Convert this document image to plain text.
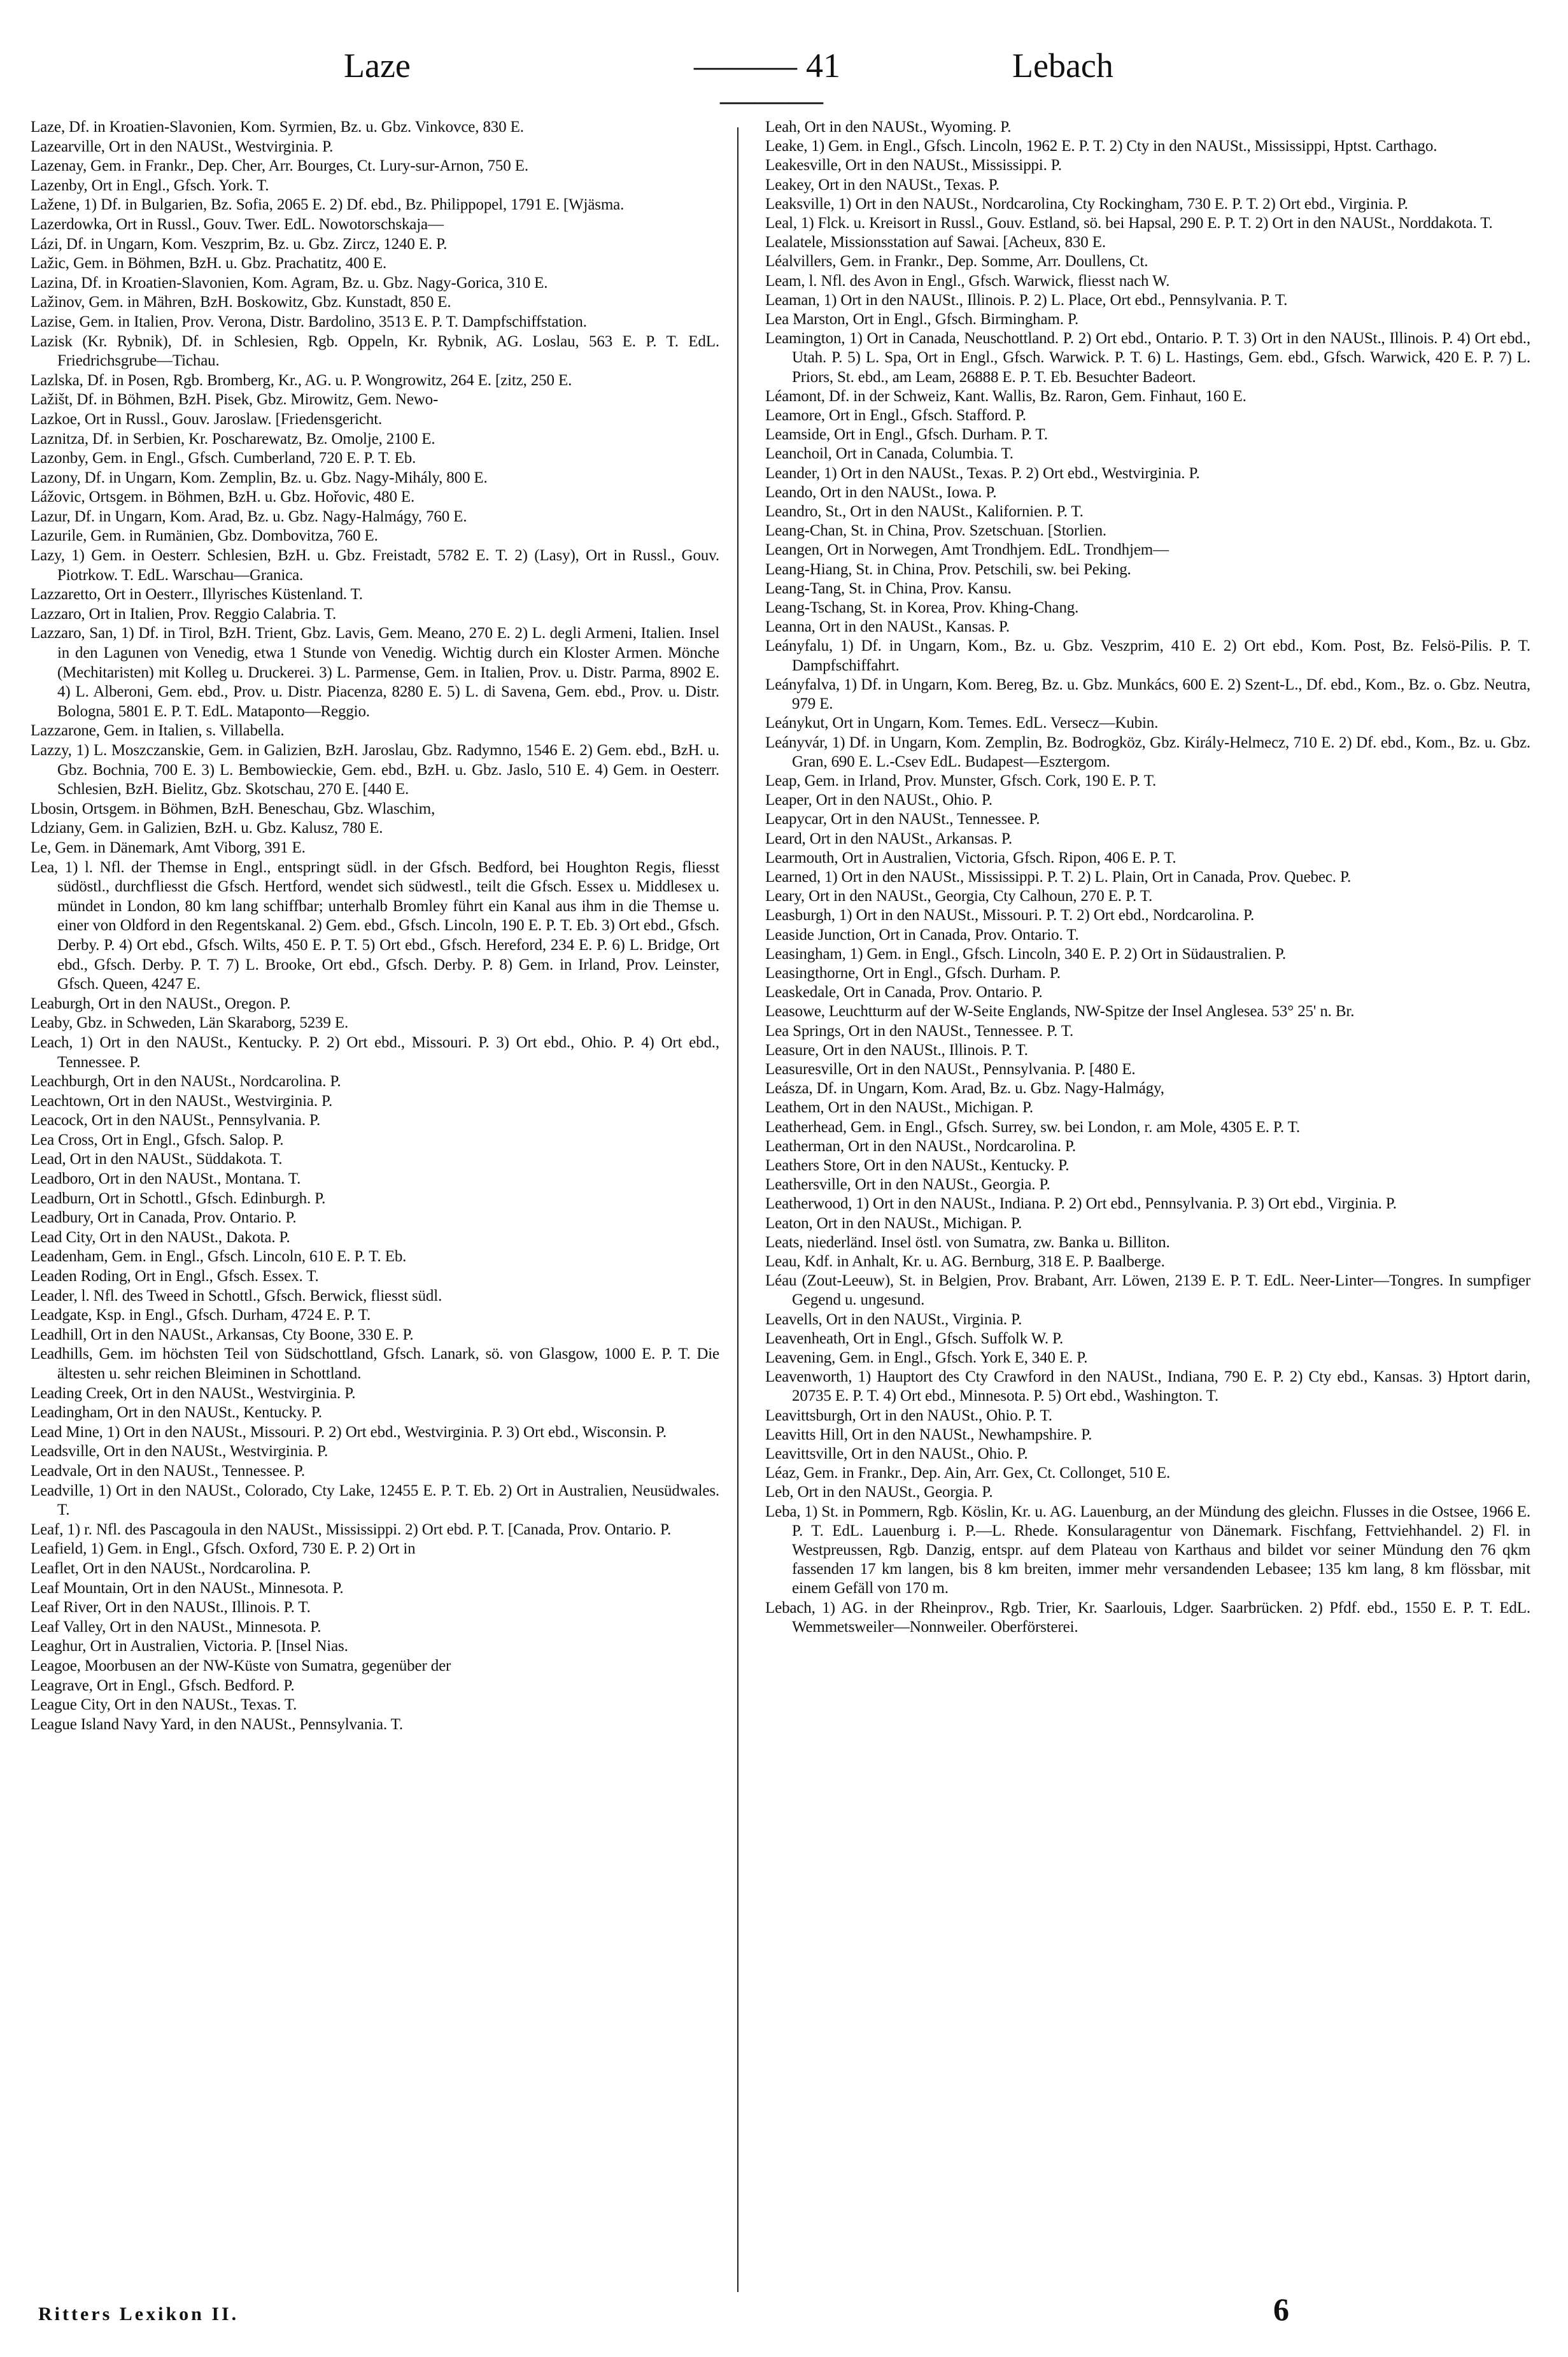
Laze	——— 41———
Lebach

Laze, Df. in Kroatien-Slavonien, Kom. Syrmien, Bz. u. Gbz. Vinkovce, 830 E.

Lazearville, Ort in den NAUSt., Westvirginia. P.

Lazenay, Gem. in Frankr., Dep. Cher, Arr. Bourges, Ct. Lury-sur-Arnon, 750 E.

Lazenby, Ort in Engl., Gfsch. York. T.

Lažene, 1) Df. in Bulgarien, Bz. Sofia, 2065 E. 2) Df. ebd., Bz. Philippopel, 1791 E. [Wjäsma.

Lazerdowka, Ort in Russl., Gouv. Twer. EdL. Nowotorschskaja—

Lázi, Df. in Ungarn, Kom. Veszprim, Bz. u. Gbz. Zircz, 1240 E. P.

Lažic, Gem. in Böhmen, BzH. u. Gbz. Prachatitz, 400 E.

Lazina, Df. in Kroatien-Slavonien, Kom. Agram, Bz. u. Gbz. Nagy-Gorica, 310 E.

Lažinov, Gem. in Mähren, BzH. Boskowitz, Gbz. Kunstadt, 850 E.

Lazise, Gem. in Italien, Prov. Verona, Distr. Bardolino, 3513 E. P. T. Dampfschiffstation.

Lazisk (Kr. Rybnik), Df. in Schlesien, Rgb. Oppeln, Kr. Rybnik, AG. Loslau, 563 E. P. T. EdL. Friedrichsgrube—Tichau.

Lazlska, Df. in Posen, Rgb. Bromberg, Kr., AG. u. P. Wongrowitz, 264 E. [zitz, 250 E.

Lažišt, Df. in Böhmen, BzH. Pisek, Gbz. Mirowitz, Gem. Newo-

Lazkoe, Ort in Russl., Gouv. Jaroslaw. [Friedensgericht.

Laznitza, Df. in Serbien, Kr. Poscharewatz, Bz. Omolje, 2100 E.

Lazonby, Gem. in Engl., Gfsch. Cumberland, 720 E. P. T. Eb.

Lazony, Df. in Ungarn, Kom. Zemplin, Bz. u. Gbz. Nagy-Mihály, 800 E.

Lážovic, Ortsgem. in Böhmen, BzH. u. Gbz. Hořovic, 480 E.

Lazur, Df. in Ungarn, Kom. Arad, Bz. u. Gbz. Nagy-Halmágy, 760 E.

Lazurile, Gem. in Rumänien, Gbz. Dombovitza, 760 E.

Lazy, 1) Gem. in Oesterr. Schlesien, BzH. u. Gbz. Freistadt, 5782 E. T. 2) (Lasy), Ort in Russl., Gouv. Piotrkow. T. EdL. Warschau—Granica.

Lazzaretto, Ort in Oesterr., Illyrisches Küstenland. T.

Lazzaro, Ort in Italien, Prov. Reggio Calabria. T.

Lazzaro, San, 1) Df. in Tirol, BzH. Trient, Gbz. Lavis, Gem. Meano, 270 E. 2) L. degli Armeni, Italien. Insel in den Lagunen von Venedig, etwa 1 Stunde von Venedig. Wichtig durch ein Kloster Armen. Mönche (Mechitaristen) mit Kolleg u. Druckerei. 3) L. Parmense, Gem. in Italien, Prov. u. Distr. Parma, 8902 E. 4) L. Alberoni, Gem. ebd., Prov. u. Distr. Piacenza, 8280 E. 5) L. di Savena, Gem. ebd., Prov. u. Distr. Bologna, 5801 E. P. T. EdL. Mataponto—Reggio.

Lazzarone, Gem. in Italien, s. Villabella.

Lazzy, 1) L. Moszczanskie, Gem. in Galizien, BzH. Jaroslau, Gbz. Radymno, 1546 E. 2) Gem. ebd., BzH. u. Gbz. Bochnia, 700 E. 3) L. Bembowieckie, Gem. ebd., BzH. u. Gbz. Jaslo, 510 E. 4) Gem. in Oesterr. Schlesien, BzH. Bielitz, Gbz. Skotschau, 270 E. [440 E.

Lbosin, Ortsgem. in Böhmen, BzH. Beneschau, Gbz. Wlaschim,

Ldziany, Gem. in Galizien, BzH. u. Gbz. Kalusz, 780 E.

Le, Gem. in Dänemark, Amt Viborg, 391 E.

Lea, 1) l. Nfl. der Themse in Engl., entspringt südl. in der Gfsch. Bedford, bei Houghton Regis, fliesst südöstl., durchfliesst die Gfsch. Hertford, wendet sich südwestl., teilt die Gfsch. Essex u. Middlesex u. mündet in London, 80 km lang schiffbar; unterhalb Bromley führt ein Kanal aus ihm in die Themse u. einer von Oldford in den Regentskanal. 2) Gem. ebd., Gfsch. Lincoln, 190 E. P. T. Eb. 3) Ort ebd., Gfsch. Derby. P. 4) Ort ebd., Gfsch. Wilts, 450 E. P. T. 5) Ort ebd., Gfsch. Hereford, 234 E. P. 6) L. Bridge, Ort ebd., Gfsch. Derby. P. T. 7) L. Brooke, Ort ebd., Gfsch. Derby. P. 8) Gem. in Irland, Prov. Leinster, Gfsch. Queen, 4247 E.

Leaburgh, Ort in den NAUSt., Oregon. P.

Leaby, Gbz. in Schweden, Län Skaraborg, 5239 E.

Leach, 1) Ort in den NAUSt., Kentucky. P. 2) Ort ebd., Missouri. P. 3) Ort ebd., Ohio. P. 4) Ort ebd., Tennessee. P.

Leachburgh, Ort in den NAUSt., Nordcarolina. P.

Leachtown, Ort in den NAUSt., Westvirginia. P.

Leacock, Ort in den NAUSt., Pennsylvania. P.

Lea Cross, Ort in Engl., Gfsch. Salop. P.

Lead, Ort in den NAUSt., Süddakota. T.

Leadboro, Ort in den NAUSt., Montana. T.

Leadburn, Ort in Schottl., Gfsch. Edinburgh. P.

Leadbury, Ort in Canada, Prov. Ontario. P.

Lead City, Ort in den NAUSt., Dakota. P.

Leadenham, Gem. in Engl., Gfsch. Lincoln, 610 E. P. T. Eb.

Leaden Roding, Ort in Engl., Gfsch. Essex. T.

Leader, l. Nfl. des Tweed in Schottl., Gfsch. Berwick, fliesst südl.

Leadgate, Ksp. in Engl., Gfsch. Durham, 4724 E. P. T.

Leadhill, Ort in den NAUSt., Arkansas, Cty Boone, 330 E. P.

Leadhills, Gem. im höchsten Teil von Südschottland, Gfsch. Lanark, sö. von Glasgow, 1000 E. P. T. Die ältesten u. sehr reichen Bleiminen in Schottland.

Leading Creek, Ort in den NAUSt., Westvirginia. P.

Leadingham, Ort in den NAUSt., Kentucky. P.

Lead Mine, 1) Ort in den NAUSt., Missouri. P. 2) Ort ebd., Westvirginia. P. 3) Ort ebd., Wisconsin. P.

Leadsville, Ort in den NAUSt., Westvirginia. P.

Leadvale, Ort in den NAUSt., Tennessee. P.

Leadville, 1) Ort in den NAUSt., Colorado, Cty Lake, 12455 E. P. T. Eb. 2) Ort in Australien, Neusüdwales. T.

Leaf, 1) r. Nfl. des Pascagoula in den NAUSt., Mississippi. 2) Ort ebd. P. T. [Canada, Prov. Ontario. P.

Leafield, 1) Gem. in Engl., Gfsch. Oxford, 730 E. P. 2) Ort in

Leaflet, Ort in den NAUSt., Nordcarolina. P.

Leaf Mountain, Ort in den NAUSt., Minnesota. P.

Leaf River, Ort in den NAUSt., Illinois. P. T.

Leaf Valley, Ort in den NAUSt., Minnesota. P.

Leaghur, Ort in Australien, Victoria. P. [Insel Nias.

Leagoe, Moorbusen an der NW-Küste von Sumatra, gegenüber der

Leagrave, Ort in Engl., Gfsch. Bedford. P.

League City, Ort in den NAUSt., Texas. T.

League Island Navy Yard, in den NAUSt., Pennsylvania. T.

Leah, Ort in den NAUSt., Wyoming. P.

Leake, 1) Gem. in Engl., Gfsch. Lincoln, 1962 E. P. T. 2) Cty in den NAUSt., Mississippi, Hptst. Carthago.

Leakesville, Ort in den NAUSt., Mississippi. P.

Leakey, Ort in den NAUSt., Texas. P.

Leaksville, 1) Ort in den NAUSt., Nordcarolina, Cty Rockingham, 730 E. P. T. 2) Ort ebd., Virginia. P.

Leal, 1) Flck. u. Kreisort in Russl., Gouv. Estland, sö. bei Hapsal, 290 E. P. T. 2) Ort in den NAUSt., Norddakota. T.

Lealatele, Missionsstation auf Sawai. [Acheux, 830 E.

Léalvillers, Gem. in Frankr., Dep. Somme, Arr. Doullens, Ct.

Leam, l. Nfl. des Avon in Engl., Gfsch. Warwick, fliesst nach W.

Leaman, 1) Ort in den NAUSt., Illinois. P. 2) L. Place, Ort ebd., Pennsylvania. P. T.

Lea Marston, Ort in Engl., Gfsch. Birmingham. P.

Leamington, 1) Ort in Canada, Neuschottland. P. 2) Ort ebd., Ontario. P. T. 3) Ort in den NAUSt., Illinois. P. 4) Ort ebd., Utah. P. 5) L. Spa, Ort in Engl., Gfsch. Warwick. P. T. 6) L. Hastings, Gem. ebd., Gfsch. Warwick, 420 E. P. 7) L. Priors, St. ebd., am Leam, 26888 E. P. T. Eb. Besuchter Badeort.

Léamont, Df. in der Schweiz, Kant. Wallis, Bz. Raron, Gem. Finhaut, 160 E.

Leamore, Ort in Engl., Gfsch. Stafford. P.

Leamside, Ort in Engl., Gfsch. Durham. P. T.

Leanchoil, Ort in Canada, Columbia. T.

Leander, 1) Ort in den NAUSt., Texas. P. 2) Ort ebd., Westvirginia. P.

Leando, Ort in den NAUSt., Iowa. P.

Leandro, St., Ort in den NAUSt., Kalifornien. P. T.

Leang-Chan, St. in China, Prov. Szetschuan. [Storlien.

Leangen, Ort in Norwegen, Amt Trondhjem. EdL. Trondhjem—

Leang-Hiang, St. in China, Prov. Petschili, sw. bei Peking.

Leang-Tang, St. in China, Prov. Kansu.

Leang-Tschang, St. in Korea, Prov. Khing-Chang.

Leanna, Ort in den NAUSt., Kansas. P.

Leányfalu, 1) Df. in Ungarn, Kom., Bz. u. Gbz. Veszprim, 410 E. 2) Ort ebd., Kom. Post, Bz. Felsö-Pilis. P. T. Dampfschiffahrt.

Leányfalva, 1) Df. in Ungarn, Kom. Bereg, Bz. u. Gbz. Munkács, 600 E. 2) Szent-L., Df. ebd., Kom., Bz. o. Gbz. Neutra, 979 E.

Leánykut, Ort in Ungarn, Kom. Temes. EdL. Versecz—Kubin.

Leányvár, 1) Df. in Ungarn, Kom. Zemplin, Bz. Bodrogköz, Gbz. Király-Helmecz, 710 E. 2) Df. ebd., Kom., Bz. u. Gbz. Gran, 690 E. L.-Csev EdL. Budapest—Esztergom.

Leap, Gem. in Irland, Prov. Munster, Gfsch. Cork, 190 E. P. T.

Leaper, Ort in den NAUSt., Ohio. P.

Leapycar, Ort in den NAUSt., Tennessee. P.

Leard, Ort in den NAUSt., Arkansas. P.

Learmouth, Ort in Australien, Victoria, Gfsch. Ripon, 406 E. P. T.

Learned, 1) Ort in den NAUSt., Mississippi. P. T. 2) L. Plain, Ort in Canada, Prov. Quebec. P.

Leary, Ort in den NAUSt., Georgia, Cty Calhoun, 270 E. P. T.

Leasburgh, 1) Ort in den NAUSt., Missouri. P. T. 2) Ort ebd., Nordcarolina. P.

Leaside Junction, Ort in Canada, Prov. Ontario. T.

Leasingham, 1) Gem. in Engl., Gfsch. Lincoln, 340 E. P. 2) Ort in Südaustralien. P.

Leasingthorne, Ort in Engl., Gfsch. Durham. P.

Leaskedale, Ort in Canada, Prov. Ontario. P.

Leasowe, Leuchtturm auf der W-Seite Englands, NW-Spitze der Insel Anglesea. 53° 25' n. Br.

Lea Springs, Ort in den NAUSt., Tennessee. P. T.

Leasure, Ort in den NAUSt., Illinois. P. T.

Leasuresville, Ort in den NAUSt., Pennsylvania. P. [480 E.

Leásza, Df. in Ungarn, Kom. Arad, Bz. u. Gbz. Nagy-Halmágy,

Leathem, Ort in den NAUSt., Michigan. P.

Leatherhead, Gem. in Engl., Gfsch. Surrey, sw. bei London, r. am Mole, 4305 E. P. T.

Leatherman, Ort in den NAUSt., Nordcarolina. P.

Leathers Store, Ort in den NAUSt., Kentucky. P.

Leathersville, Ort in den NAUSt., Georgia. P.

Leatherwood, 1) Ort in den NAUSt., Indiana. P. 2) Ort ebd., Pennsylvania. P. 3) Ort ebd., Virginia. P.

Leaton, Ort in den NAUSt., Michigan. P.

Leats, niederländ. Insel östl. von Sumatra, zw. Banka u. Billiton.

Leau, Kdf. in Anhalt, Kr. u. AG. Bernburg, 318 E. P. Baalberge.

Léau (Zout-Leeuw), St. in Belgien, Prov. Brabant, Arr. Löwen, 2139 E. P. T. EdL. Neer-Linter—Tongres. In sumpfiger Gegend u. ungesund.

Leavells, Ort in den NAUSt., Virginia. P.

Leavenheath, Ort in Engl., Gfsch. Suffolk W. P.

Leavening, Gem. in Engl., Gfsch. York E, 340 E. P.

Leavenworth, 1) Hauptort des Cty Crawford in den NAUSt., Indiana, 790 E. P. 2) Cty ebd., Kansas. 3) Hptort darin, 20735 E. P. T. 4) Ort ebd., Minnesota. P. 5) Ort ebd., Washington. T.

Leavittsburgh, Ort in den NAUSt., Ohio. P. T.

Leavitts Hill, Ort in den NAUSt., Newhampshire. P.

Leavittsville, Ort in den NAUSt., Ohio. P.

Léaz, Gem. in Frankr., Dep. Ain, Arr. Gex, Ct. Collonget, 510 E.

Leb, Ort in den NAUSt., Georgia. P.

Leba, 1) St. in Pommern, Rgb. Köslin, Kr. u. AG. Lauenburg, an der Mündung des gleichn. Flusses in die Ostsee, 1966 E. P. T. EdL. Lauenburg i. P.—L. Rhede. Konsularagentur von Dänemark. Fischfang, Fettviehhandel. 2) Fl. in Westpreussen, Rgb. Danzig, entspr. auf dem Plateau von Karthaus and bildet vor seiner Mündung den 76 qkm fassenden 17 km langen, bis 8 km breiten, immer mehr versandenden Lebasee; 135 km lang, 8 km flössbar, mit einem Gefäll von 170 m.

Lebach, 1) AG. in der Rheinprov., Rgb. Trier, Kr. Saarlouis, Ldger. Saarbrücken. 2) Pfdf. ebd., 1550 E. P. T. EdL. Wemmetsweiler—Nonnweiler. Oberförsterei.

Ritters Lexikon II.	6
